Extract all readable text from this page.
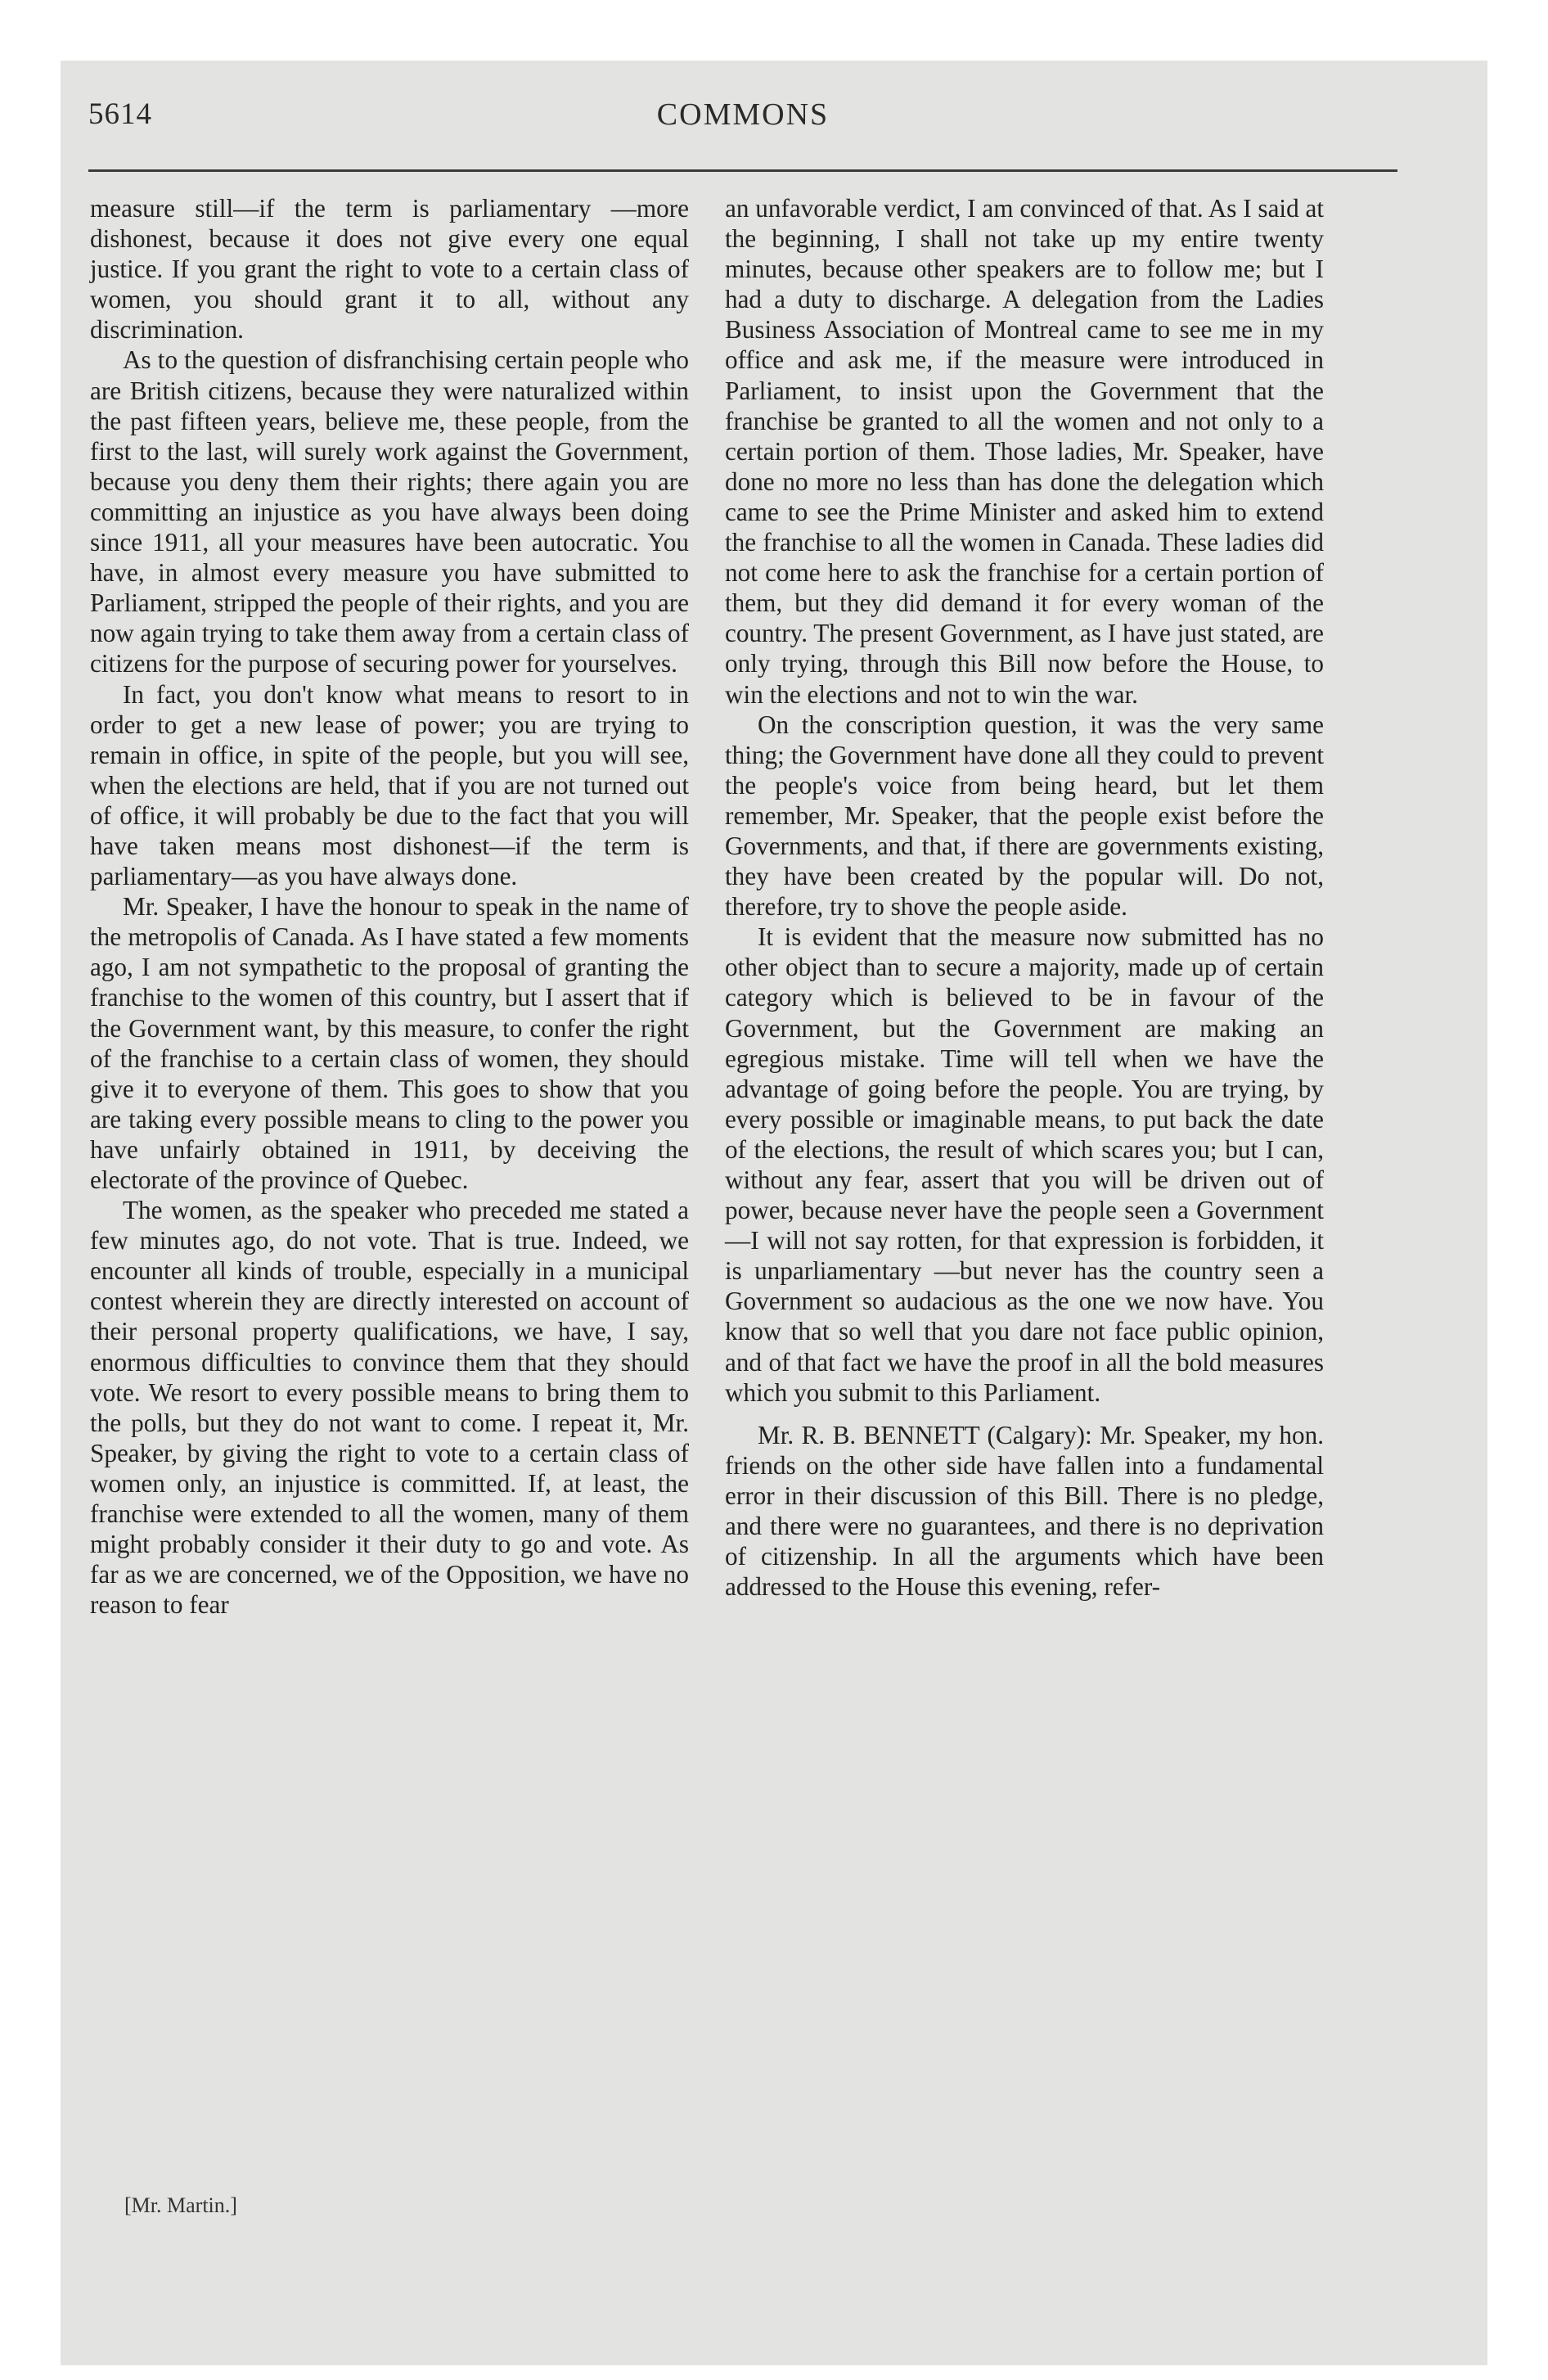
5614	COMMONS

measure still—if the term is parliamentary —more dishonest, because it does not give every one equal justice. If you grant the right to vote to a certain class of women, you should grant it to all, without any discrimination.

As to the question of disfranchising certain people who are British citizens, because they were naturalized within the past fifteen years, believe me, these people, from the first to the last, will surely work against the Government, because you deny them their rights; there again you are committing an injustice as you have always been doing since 1911, all your measures have been autocratic. You have, in almost every measure you have submitted to Parliament, stripped the people of their rights, and you are now again trying to take them away from a certain class of citizens for the purpose of securing power for yourselves.

In fact, you don't know what means to resort to in order to get a new lease of power; you are trying to remain in office, in spite of the people, but you will see, when the elections are held, that if you are not turned out of office, it will probably be due to the fact that you will have taken means most dishonest—if the term is parliamentary—as you have always done.

Mr. Speaker, I have the honour to speak in the name of the metropolis of Canada. As I have stated a few moments ago, I am not sympathetic to the proposal of granting the franchise to the women of this country, but I assert that if the Government want, by this measure, to confer the right of the franchise to a certain class of women, they should give it to everyone of them. This goes to show that you are taking every possible means to cling to the power you have unfairly obtained in 1911, by deceiving the electorate of the province of Quebec.

The women, as the speaker who preceded me stated a few minutes ago, do not vote. That is true. Indeed, we encounter all kinds of trouble, especially in a municipal contest wherein they are directly interested on account of their personal property qualifications, we have, I say, enormous difficulties to convince them that they should vote. We resort to every possible means to bring them to the polls, but they do not want to come. I repeat it, Mr. Speaker, by giving the right to vote to a certain class of women only, an injustice is committed. If, at least, the franchise were extended to all the women, many of them might probably consider it their duty to go and vote. As far as we are concerned, we of the Opposition, we have no reason to fear

an unfavorable verdict, I am convinced of that. As I said at the beginning, I shall not take up my entire twenty minutes, because other speakers are to follow me; but I had a duty to discharge. A delegation from the Ladies Business Association of Montreal came to see me in my office and ask me, if the measure were introduced in Parliament, to insist upon the Government that the franchise be granted to all the women and not only to a certain portion of them. Those ladies, Mr. Speaker, have done no more no less than has done the delegation which came to see the Prime Minister and asked him to extend the franchise to all the women in Canada. These ladies did not come here to ask the franchise for a certain portion of them, but they did demand it for every woman of the country. The present Government, as I have just stated, are only trying, through this Bill now before the House, to win the elections and not to win the war.

On the conscription question, it was the very same thing; the Government have done all they could to prevent the people's voice from being heard, but let them remember, Mr. Speaker, that the people exist before the Governments, and that, if there are governments existing, they have been created by the popular will. Do not, therefore, try to shove the people aside.

It is evident that the measure now submitted has no other object than to secure a majority, made up of certain category which is believed to be in favour of the Government, but the Government are making an egregious mistake. Time will tell when we have the advantage of going before the people. You are trying, by every possible or imaginable means, to put back the date of the elections, the result of which scares you; but I can, without any fear, assert that you will be driven out of power, because never have the people seen a Government—I will not say rotten, for that expression is forbidden, it is unparliamentary —but never has the country seen a Government so audacious as the one we now have. You know that so well that you dare not face public opinion, and of that fact we have the proof in all the bold measures which you submit to this Parliament.

Mr. R. B. BENNETT (Calgary): Mr. Speaker, my hon. friends on the other side have fallen into a fundamental error in their discussion of this Bill. There is no pledge, and there were no guarantees, and there is no deprivation of citizenship. In all the arguments which have been addressed to the House this evening, refer-

[Mr. Martin.]
